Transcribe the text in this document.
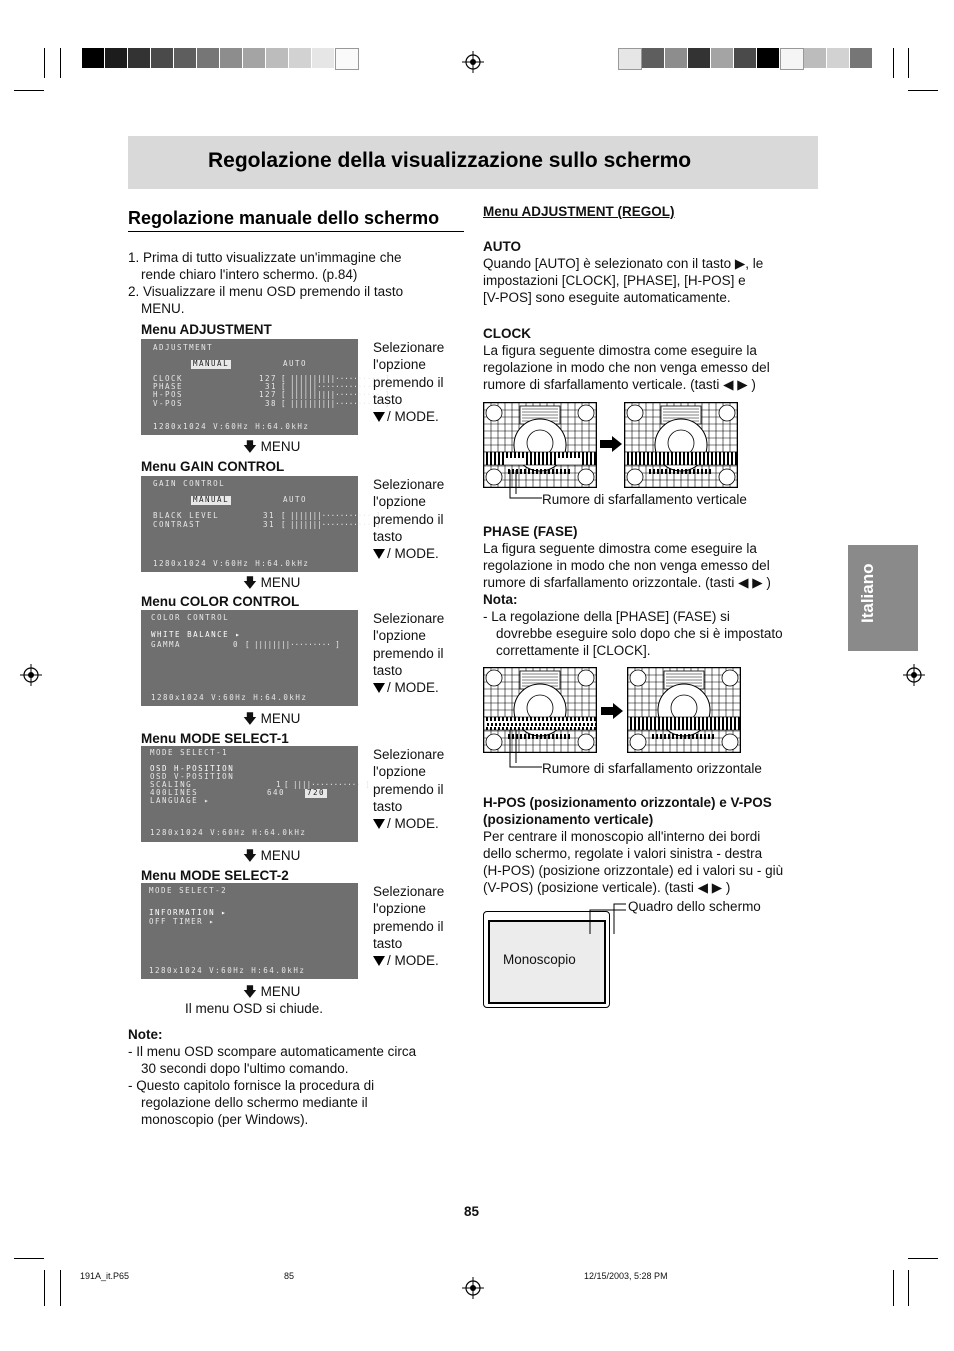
Regolazione della visualizzazione sullo schermo
Italiano
Regolazione manuale dello schermo
1. Prima di tutto visualizzate un'immagine che
rende chiaro l'intero schermo. (p.84)
2. Visualizzare il menu OSD premendo il tasto
MENU.
Menu ADJUSTMENT
ADJUSTMENT
MANUAL	AUTO
CLOCK	127 [ ||||||||||·········· ]
PHASE	31 [ ||||||·············· ]
H-POS	127 [ ||||||||||·········· ]
V-POS	38 [ ||||||||||·········· ]
1280x1024 V:60Hz H:64.0kHz
Selezionare
l'opzione
premendo il
tasto
/ MODE.
🡇 MENU
Menu GAIN CONTROL
GAIN CONTROL
MANUAL	AUTO
BLACK LEVEL	31 [ |||||||··········· ]
CONTRAST	31 [ |||||||··········· ]
1280x1024 V:60Hz H:64.0kHz
Selezionare
l'opzione
premendo il
tasto
/ MODE.
🡇 MENU
Menu COLOR CONTROL
COLOR CONTROL
WHITE BALANCE ▸
GAMMA	0 [ ||||||||········· ]
1280x1024 V:60Hz H:64.0kHz
Selezionare
l'opzione
premendo il
tasto
/ MODE.
🡇 MENU
Menu MODE SELECT-1
MODE SELECT-1
OSD H-POSITION
OSD V-POSITION
SCALING	1 [ ||||··········· ]
400LINES	640	720
LANGUAGE ▸
1280x1024 V:60Hz H:64.0kHz
Selezionare
l'opzione
premendo il
tasto
/ MODE.
🡇 MENU
Menu MODE SELECT-2
MODE SELECT-2
INFORMATION ▸
OFF TIMER ▸
1280x1024 V:60Hz H:64.0kHz
Selezionare
l'opzione
premendo il
tasto
/ MODE.
🡇 MENU
Il menu OSD si chiude.
Note:
- Il menu OSD scompare automaticamente circa
30 secondi dopo l'ultimo comando.
- Questo capitolo fornisce la procedura di
regolazione dello schermo mediante il
monoscopio (per Windows).
Menu ADJUSTMENT (REGOL)
AUTO
Quando [AUTO] è selezionato con il tasto ▶, le
impostazioni [CLOCK], [PHASE], [H-POS] e
[V-POS] sono eseguite automaticamente.
CLOCK
La figura seguente dimostra come eseguire la
regolazione in modo che non venga emesso del
rumore di sfarfallamento verticale. (tasti ◀ ▶ )
Rumore di sfarfallamento verticale
PHASE (FASE)
La figura seguente dimostra come eseguire la
regolazione in modo che non venga emesso del
rumore di sfarfallamento orizzontale. (tasti ◀ ▶ )
Nota:
- La regolazione della [PHASE] (FASE) si
dovrebbe eseguire solo dopo che si è impostato
correttamente il [CLOCK].
Rumore di sfarfallamento orizzontale
H-POS (posizionamento orizzontale) e V-POS
(posizionamento verticale)
Per centrare il monoscopio all'interno dei bordi
dello schermo, regolate i valori sinistra - destra
(H-POS) (posizione orizzontale) ed i valori su - giù
(V-POS) (posizione verticale). (tasti ◀ ▶ )
Monoscopio
Quadro dello schermo
85
191A_it.P65	85	12/15/2003, 5:28 PM
